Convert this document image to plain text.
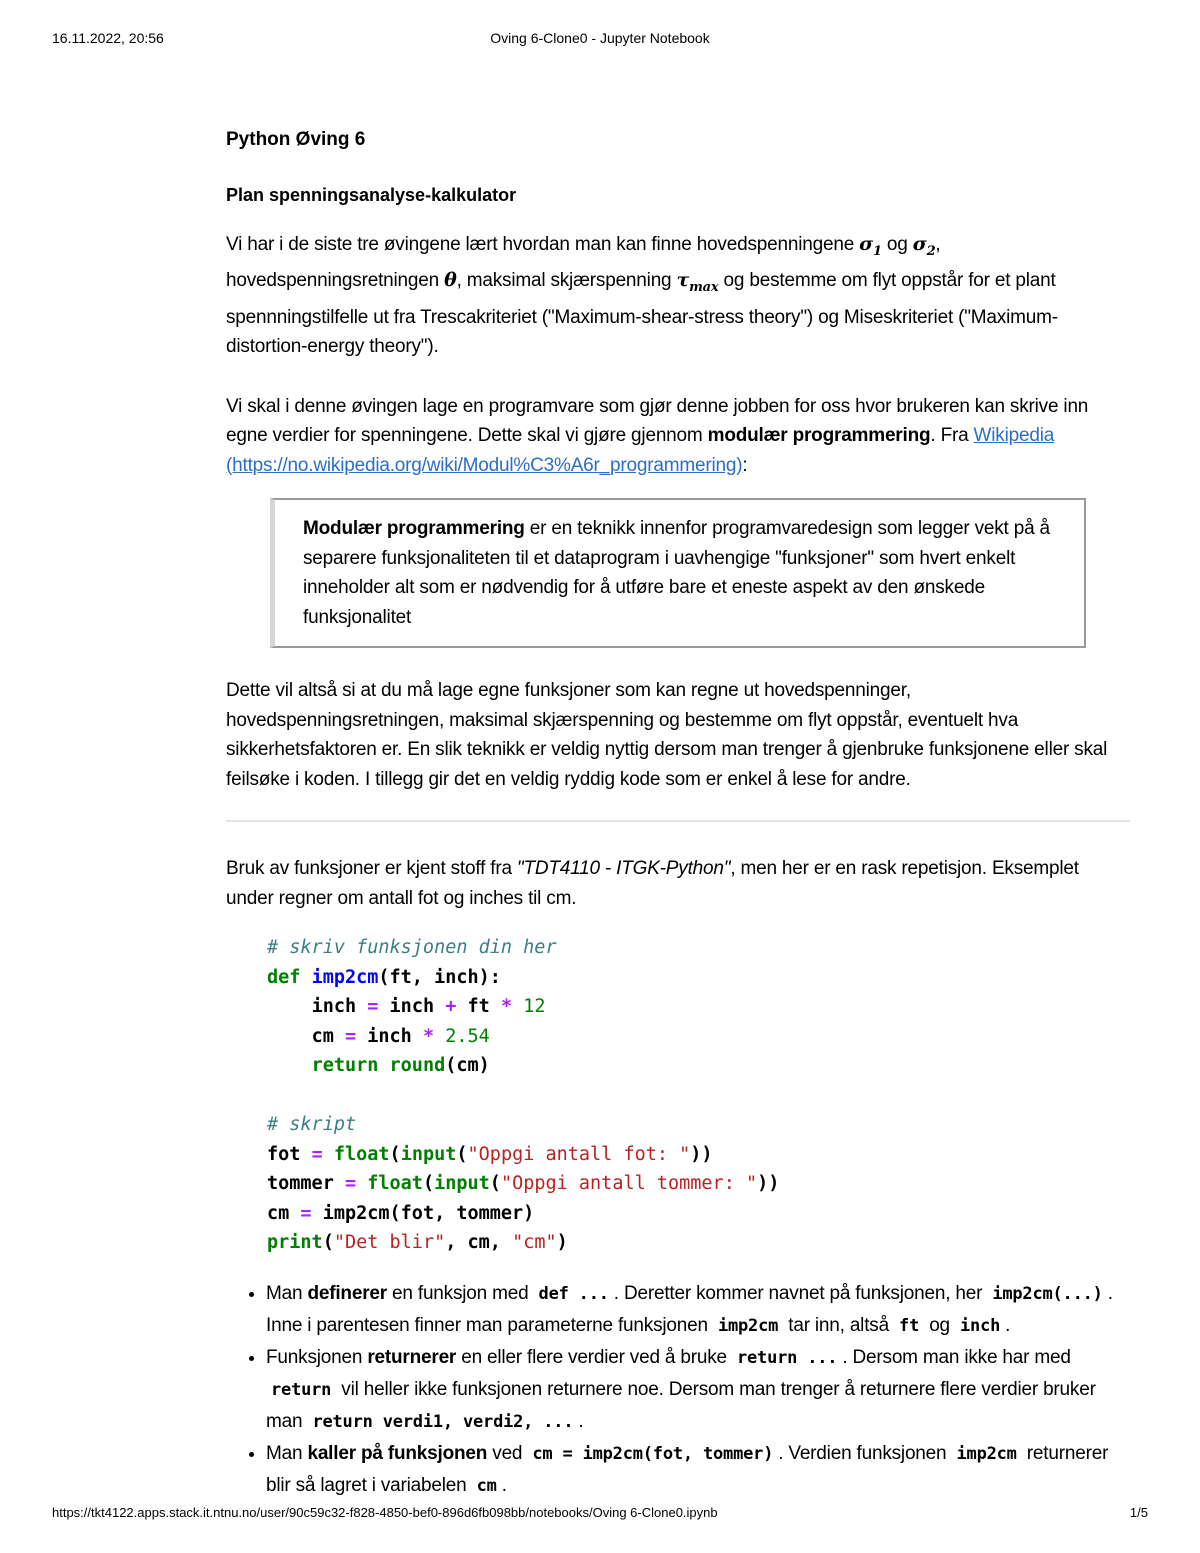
16.11.2022, 20:56	Oving 6-Clone0 - Jupyter Notebook
Python Øving 6
Plan spenningsanalyse-kalkulator

Vi har i de siste tre øvingene lært hvordan man kan finne hovedspenningene $\sigma_1$ og $\sigma_2$, hovedspenningsretningen θ, maksimal skjærspenning $\tau_{max}$ og bestemme om flyt oppstår for et plant spennningstilfelle ut fra Trescakriteriet ("Maximum-shear-stress theory") og Miseskriteriet ("Maximum-distortion-energy theory").

Vi skal i denne øvingen lage en programvare som gjør denne jobben for oss hvor brukeren kan skrive inn egne verdier for spenningene. Dette skal vi gjøre gjennom modulær programmering. Fra Wikipedia (https://no.wikipedia.org/wiki/Modul%C3%A6r_programmering):

Modulær programmering er en teknikk innenfor programvaredesign som legger vekt på å separere funksjonaliteten til et dataprogram i uavhengige "funksjoner" som hvert enkelt inneholder alt som er nødvendig for å utføre bare et eneste aspekt av den ønskede funksjonalitet

Dette vil altså si at du må lage egne funksjoner som kan regne ut hovedspenninger, hovedspenningsretningen, maksimal skjærspenning og bestemme om flyt oppstår, eventuelt hva sikkerhetsfaktoren er. En slik teknikk er veldig nyttig dersom man trenger å gjenbruke funksjonene eller skal feilsøke i koden. I tillegg gir det en veldig ryddig kode som er enkel å lese for andre.

Bruk av funksjoner er kjent stoff fra "TDT4110 - ITGK-Python", men her er en rask repetisjon. Eksemplet under regner om antall fot og inches til cm.

# skriv funksjonen din her
def imp2cm(ft, inch):
inch = inch + ft * 12
cm = inch * 2.54
return round(cm)
# skript
fot = float(input("Oppgi antall fot: "))
tommer = float(input("Oppgi antall tommer: "))
cm = imp2cm(fot, tommer)
print("Det blir", cm, "cm")
• Man definerer en funksjon med def ... . Deretter kommer navnet på funksjonen, her imp2cm(...) . Inne i parentesen finner man parameterne funksjonen imp2cm tar inn, altså ft og inch .
• Funksjonen returnerer en eller flere verdier ved å bruke return ... . Dersom man ikke har med return vil heller ikke funksjonen returnere noe. Dersom man trenger å returnere flere verdier bruker man return verdi1, verdi2, ... .
• Man kaller på funksjonen ved cm = imp2cm(fot, tommer) . Verdien funksjonen imp2cm returnerer blir så lagret i variabelen cm .
https://tkt4122.apps.stack.it.ntnu.no/user/90c59c32-f828-4850-bef0-896d6fb098bb/notebooks/Oving 6-Clone0.ipynb	1/5
